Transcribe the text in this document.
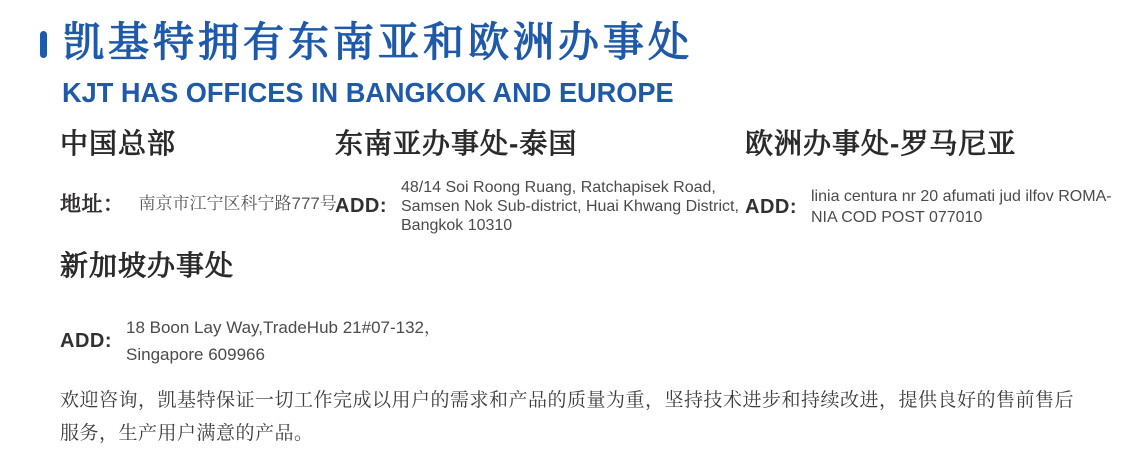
凯基特拥有东南亚和欧洲办事处
KJT HAS OFFICES IN BANGKOK AND EUROPE
中国总部
地址： 南京市江宁区科宁路777号
东南亚办事处-泰国
ADD:
48/14 Soi Roong Ruang, Ratchapisek Road,
Samsen Nok Sub-district, Huai Khwang District,
Bangkok 10310
欧洲办事处-罗马尼亚
ADD: linia centura nr 20 afumati jud ilfov ROMA-
NIA COD POST 077010
新加坡办事处
ADD:
18 Boon Lay Way,TradeHub 21#07-132，
Singapore 609966
欢迎咨询，凯基特保证一切工作完成以用户的需求和产品的质量为重，坚持技术进步和持续改进，提供良好的售前售后
服务，生产用户满意的产品。
